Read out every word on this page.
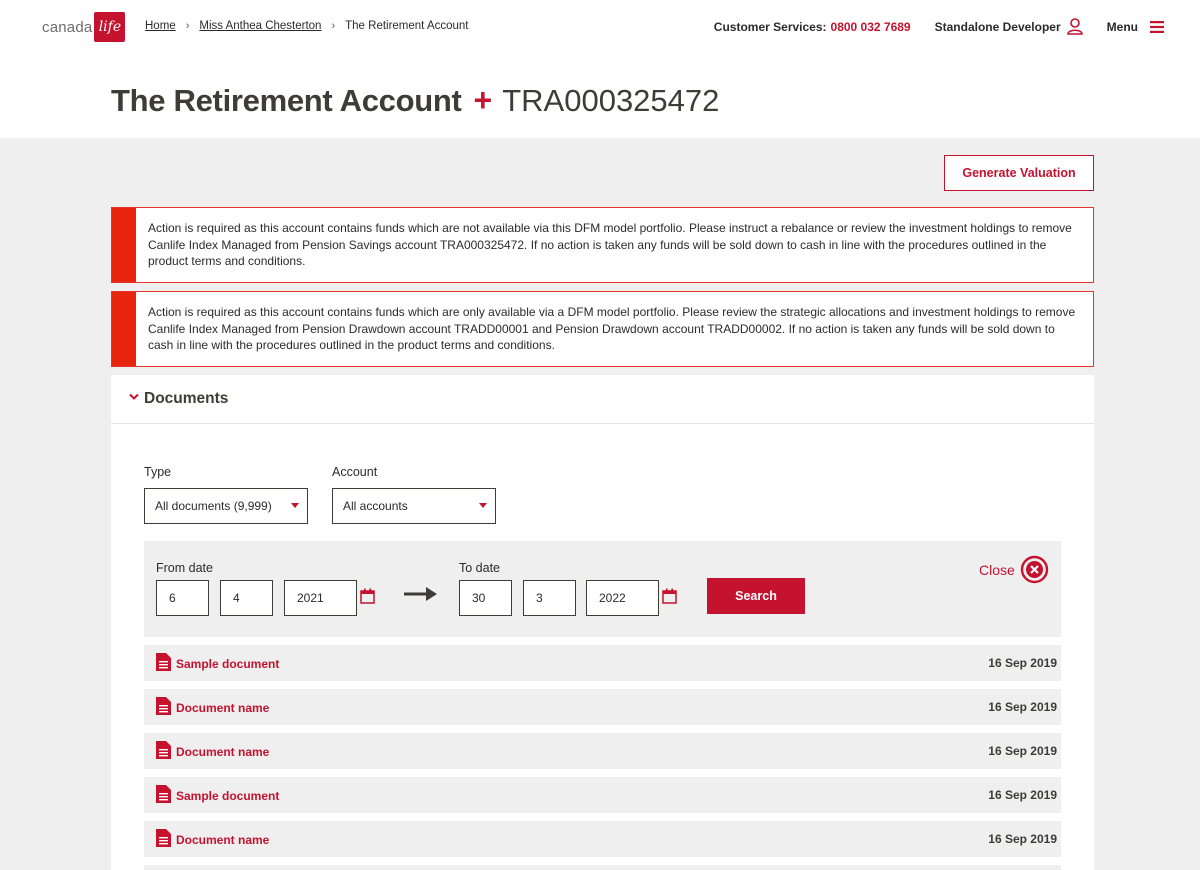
canada life	Home › Miss Anthea Chesterton › The Retirement Account	Customer Services: 0800 032 7689 Standalone Developer	Menu
The Retirement Account + TRA000325472
Generate Valuation

Action is required as this account contains funds which are not available via this DFM model portfolio. Please instruct a rebalance or review the investment holdings to remove Canlife Index Managed from Pension Savings account TRA000325472. If no action is taken any funds will be sold down to cash in line with the procedures outlined in the product terms and conditions.

Action is required as this account contains funds which are only available via a DFM model portfolio. Please review the strategic allocations and investment holdings to remove Canlife Index Managed from Pension Drawdown account TRADD00001 and Pension Drawdown account TRADD00002. If no action is taken any funds will be sold down to cash in line with the procedures outlined in the product terms and conditions.

Documents
Type
All documents (9,999)
Account
All accounts
From date
6	4	2021
To date
30	3	2022	Search
Close
Sample document	16 Sep 2019
Document name	16 Sep 2019
Document name	16 Sep 2019
Sample document	16 Sep 2019
Document name	16 Sep 2019
